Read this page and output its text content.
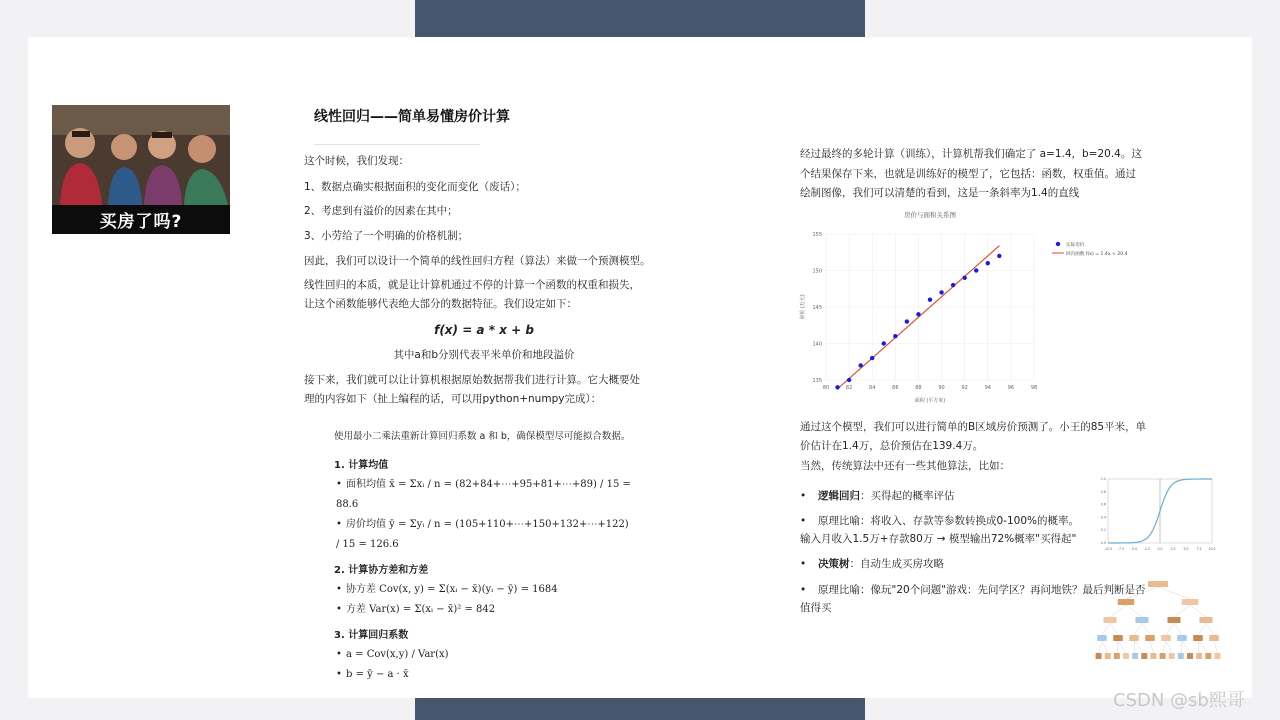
买房了吗?
线性回归——简单易懂房价计算
这个时候，我们发现：
1、数据点确实根据面积的变化而变化（废话）；
2、考虑到有溢价的因素在其中；
3、小劳给了一个明确的价格机制；
因此，我们可以设计一个简单的线性回归方程（算法）来做一个预测模型。
线性回归的本质，就是让计算机通过不停的计算一个函数的权重和损失，
让这个函数能够代表绝大部分的数据特征。我们设定如下：
f(x) = a * x + b
其中a和b分别代表平米单价和地段溢价
接下来，我们就可以让计算机根据原始数据帮我们进行计算。它大概要处
理的内容如下（扯上编程的话，可以用python+numpy完成）：
使用最小二乘法重新计算回归系数 a 和 b，确保模型尽可能拟合数据。
1. 计算均值
• 面积均值 x̄ = Σxᵢ / n = (82+84+⋯+95+81+⋯+89) / 15 = 88.6
• 房价均值 ȳ = Σyᵢ / n = (105+110+⋯+150+132+⋯+122) / 15 = 126.6
2. 计算协方差和方差
• 协方差 Cov(x, y) = Σ(xᵢ − x̄)(yᵢ − ȳ) = 1684
• 方差 Var(x) = Σ(xᵢ − x̄)² = 842
3. 计算回归系数
• a = Cov(x,y) / Var(x)
• b = ȳ − a · x̄
经过最终的多轮计算（训练），计算机帮我们确定了 a=1.4，b=20.4。这
个结果保存下来，也就是训练好的模型了，它包括：函数，权重值。通过
绘制图像，我们可以清楚的看到，这是一条斜率为1.4的直线
房价与面积关系图
80	82	84	86	88	90	92	94	96	98
135
140
145
150
155
面积 (平方米)
房价 (万元)
实际房价
回归函数 f(x) = 1.4x + 20.4
通过这个模型，我们可以进行简单的B区域房价预测了。小王的85平米，单
价估计在1.4万，总价预估在139.4万。
当然，传统算法中还有一些其他算法，比如：
• 逻辑回归：买得起的概率评估
• 原理比喻：将收入、存款等参数转换成0-100%的概率。
输入月收入1.5万+存款80万 → 模型输出72%概率"买得起"
• 决策树：自动生成买房攻略
• 原理比喻：像玩"20个问题"游戏：先问学区？再问地铁？最后判断是否
值得买
-10.0 -7.5 -5.0 -2.5 0.0 2.5 5.0 7.5 10.0
0.0
0.2
0.4
0.6
0.8
1.0
CSDN @sb熙哥
